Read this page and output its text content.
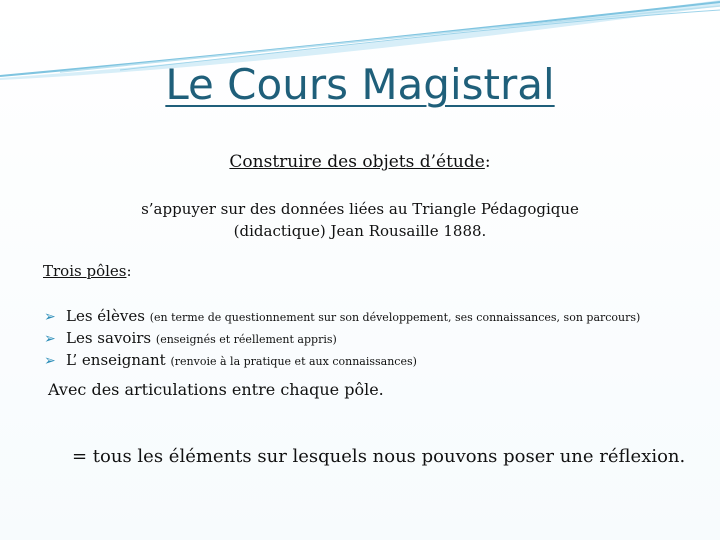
Le Cours Magistral
Construire des objets d’étude:
s’appuyer sur des données liées au Triangle Pédagogique
(didactique) Jean Rousaille 1888.
Trois pôles:
➢ Les élèves (en terme de questionnement sur son développement, ses connaissances, son parcours)
➢ Les savoirs (enseignés et réellement appris)
➢ L’ enseignant (renvoie à la pratique et aux connaissances)
Avec des articulations entre chaque pôle.
= tous les éléments sur lesquels nous pouvons poser une réflexion.
